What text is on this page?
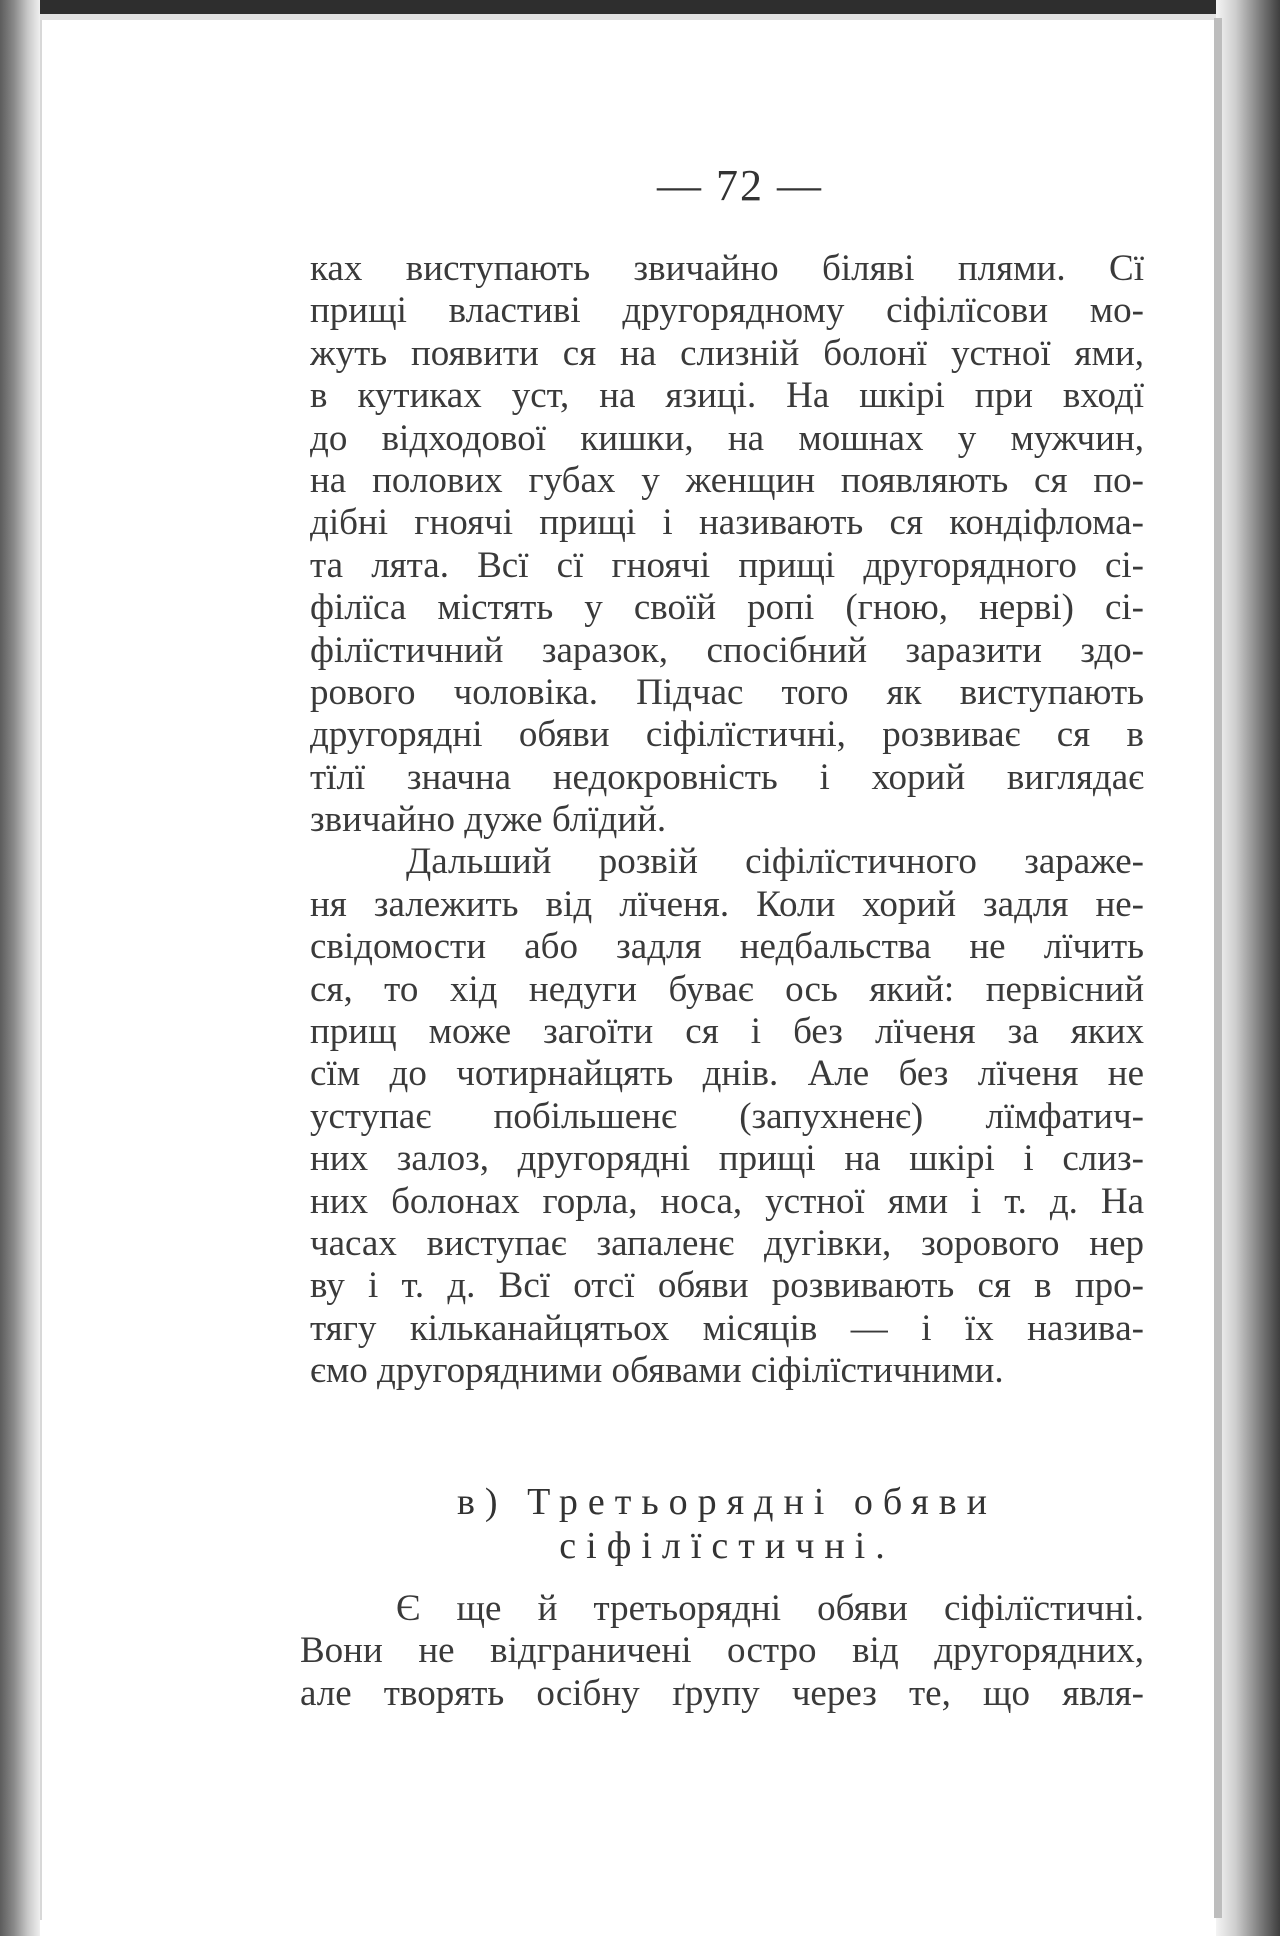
— 72 —
ках виступають звичайно біляві плями. Сї
прищі властиві другорядному сіфілїсови мо-
жуть появити ся на слизній болонї устної ями,
в кутиках уст, на язиці. На шкірі при входї
до відходової кишки, на мошнах у мужчин,
на полових губах у женщин появляють ся по-
дібні гноячі прищі і називають ся кондіфлома-
та лята. Всї сї гноячі прищі другорядного сі-
філїса містять у своїй ропі (гною, нерві) сі-
філїстичний заразок, спосібний заразити здо-
рового чоловіка. Підчас того як виступають
другорядні обяви сіфілїстичні, розвиває ся в
тїлї значна недокровність і хорий виглядає
звичайно дуже блїдий.
Дальший розвій сіфілїстичного зараже-
ня залежить від лїченя. Коли хорий задля не-
свідомости або задля недбальства не лїчить
ся, то хід недуги буває ось який: первісний
прищ може загоїти ся і без лїченя за яких
сїм до чотирнайцять днів. Але без лїченя не
уступає побільшенє (запухненє) лїмфатич-
них залоз, другорядні прищі на шкірі і слиз-
них болонах горла, носа, устної ями і т. д. На
часах виступає запаленє дугівки, зорового нер
ву і т. д. Всї отсї обяви розвивають ся в про-
тягу кільканайцятьох місяців — і їх називa-
ємо другорядними обявами сіфілїстичними.
в) Третьорядні обяви
сіфілїстичні.
Є ще й третьорядні обяви сіфілїстичні.
Вони не відграничені остро від другорядних,
але творять осібну ґрупу через те, що явля-
